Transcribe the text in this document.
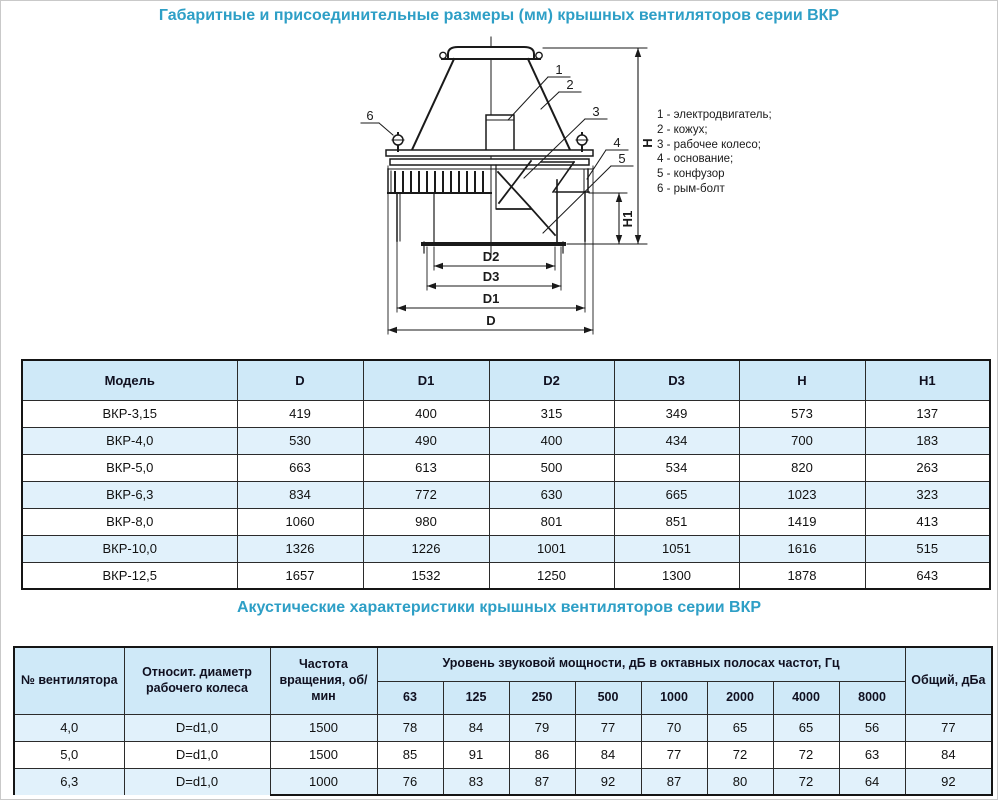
Габаритные и присоединительные размеры (мм) крышных вентиляторов серии ВКР
D2
D3
D1
D
H
H1
1
2
3
4
5
6	1 - электродвигатель;
2 - кожух;
3 - рабочее колесо;
4 - основание;
5 - конфузор
6 - рым-болт
Модель	D	D1	D2	D3	H	H1
ВКР-3,15	419	400	315	349	573	137
ВКР-4,0	530	490	400	434	700	183
ВКР-5,0	663	613	500	534	820	263
ВКР-6,3	834	772	630	665	1023	323
ВКР-8,0	1060	980	801	851	1419	413
ВКР-10,0	1326	1226	1001	1051	1616	515
ВКР-12,5	1657	1532	1250	1300	1878	643
Акустические характеристики крышных вентиляторов серии ВКР
№ вентилятора	Относит. диаметр рабочего колеса	Частота вращения, об/мин	Уровень звуковой мощности, дБ в октавных полосах частот, Гц								Общий, дБа
			63	125	250	500	1000	2000	4000	8000	
4,0	D=d1,0	1500	78	84	79	77	70	65	65	56	77
5,0	D=d1,0	1500	85	91	86	84	77	72	72	63	84
6,3	D=d1,0	1000	76	83	87	92	87	80	72	64	92
